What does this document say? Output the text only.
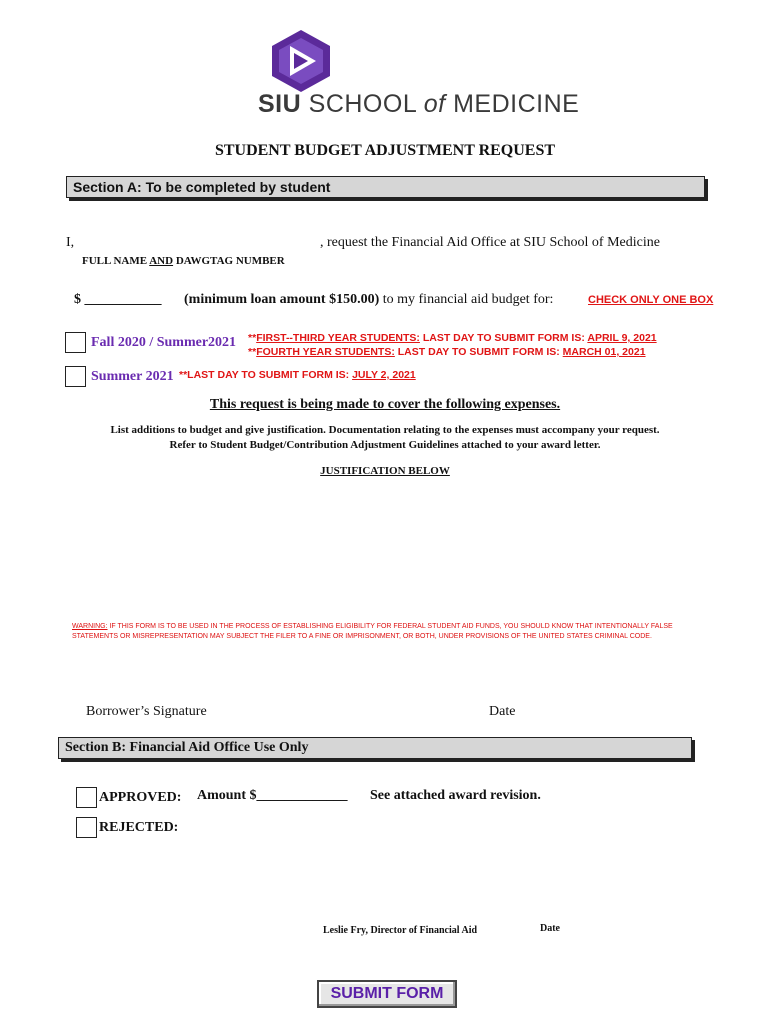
SIU SCHOOL of MEDICINE
STUDENT BUDGET ADJUSTMENT REQUEST
Section A: To be completed by student
I,	, request the Financial Aid Office at SIU School of Medicine
FULL NAME AND DAWGTAG NUMBER
$ ___________ (minimum loan amount $150.00) to my financial aid budget for:	CHECK ONLY ONE BOX
Fall 2020 / Summer2021 **FIRST--THIRD YEAR STUDENTS: LAST DAY TO SUBMIT FORM IS: APRIL 9, 2021
**FOURTH YEAR STUDENTS: LAST DAY TO SUBMIT FORM IS: MARCH 01, 2021
Summer 2021 **LAST DAY TO SUBMIT FORM IS: JULY 2, 2021
This request is being made to cover the following expenses.
List additions to budget and give justification. Documentation relating to the expenses must accompany your request.
Refer to Student Budget/Contribution Adjustment Guidelines attached to your award letter.
JUSTIFICATION BELOW
WARNING: IF THIS FORM IS TO BE USED IN THE PROCESS OF ESTABLISHING ELIGIBILITY FOR FEDERAL STUDENT AID FUNDS, YOU SHOULD KNOW THAT INTENTIONALLY FALSE STATEMENTS OR MISREPRESENTATION MAY SUBJECT THE FILER TO A FINE OR IMPRISONMENT, OR BOTH, UNDER PROVISIONS OF THE UNITED STATES CRIMINAL CODE.
Borrower’s Signature	Date
Section B: Financial Aid Office Use Only
APPROVED: Amount $_____________ See attached award revision.
REJECTED:
Leslie Fry, Director of Financial Aid	Date
SUBMIT FORM
